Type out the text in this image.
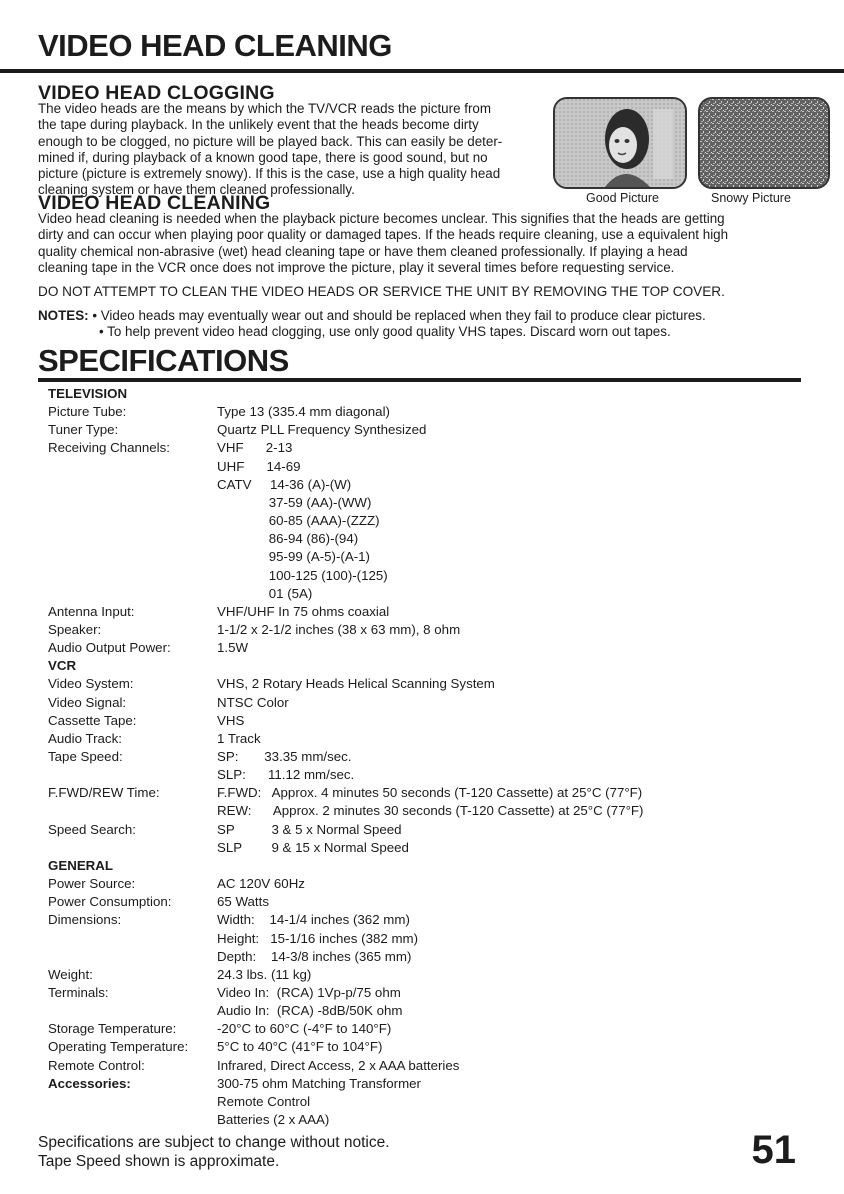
VIDEO HEAD CLEANING
VIDEO HEAD CLOGGING
The video heads are the means by which the TV/VCR reads the picture from
the tape during playback. In the unlikely event that the heads become dirty
enough to be clogged, no picture will be played back. This can easily be deter-
mined if, during playback of a known good tape, there is good sound, but no
picture (picture is extremely snowy). If this is the case, use a high quality head
cleaning system or have them cleaned professionally.
Good Picture	Snowy Picture
VIDEO HEAD CLEANING
Video head cleaning is needed when the playback picture becomes unclear. This signifies that the heads are getting
dirty and can occur when playing poor quality or damaged tapes. If the heads require cleaning, use a equivalent high
quality chemical non-abrasive (wet) head cleaning tape or have them cleaned professionally. If playing a head
cleaning tape in the VCR once does not improve the picture, play it several times before requesting service.
DO NOT ATTEMPT TO CLEAN THE VIDEO HEADS OR SERVICE THE UNIT BY REMOVING THE TOP COVER.
NOTES: • Video heads may eventually wear out and should be replaced when they fail to produce clear pictures.
• To help prevent video head clogging, use only good quality VHS tapes. Discard worn out tapes.
SPECIFICATIONS
TELEVISION
Picture Tube:	Type 13 (335.4 mm diagonal)
Tuner Type:	Quartz PLL Frequency Synthesized
Receiving Channels:	VHF      2-13
UHF      14-69
CATV     14-36 (A)-(W)
37-59 (AA)-(WW)
60-85 (AAA)-(ZZZ)
86-94 (86)-(94)
95-99 (A-5)-(A-1)
100-125 (100)-(125)
01 (5A)
Antenna Input:	VHF/UHF In 75 ohms coaxial
Speaker:	1-1/2 x 2-1/2 inches (38 x 63 mm), 8 ohm
Audio Output Power:	1.5W
VCR
Video System:	VHS, 2 Rotary Heads Helical Scanning System
Video Signal:	NTSC Color
Cassette Tape:	VHS
Audio Track:	1 Track
Tape Speed:	SP:       33.35 mm/sec.
SLP:      11.12 mm/sec.
F.FWD/REW Time:	F.FWD:   Approx. 4 minutes 50 seconds (T-120 Cassette) at 25°C (77°F)
REW:      Approx. 2 minutes 30 seconds (T-120 Cassette) at 25°C (77°F)
Speed Search:	SP          3 & 5 x Normal Speed
SLP        9 & 15 x Normal Speed
GENERAL
Power Source:	AC 120V 60Hz
Power Consumption:	65 Watts
Dimensions:	Width:    14-1/4 inches (362 mm)
Height:   15-1/16 inches (382 mm)
Depth:    14-3/8 inches (365 mm)
Weight:	24.3 lbs. (11 kg)
Terminals:	Video In:  (RCA) 1Vp-p/75 ohm
Audio In:  (RCA) -8dB/50K ohm
Storage Temperature:	-20°C to 60°C (-4°F to 140°F)
Operating Temperature: 5°C to 40°C (41°F to 104°F)
Remote Control:	Infrared, Direct Access, 2 x AAA batteries
Accessories:	300-75 ohm Matching Transformer
Remote Control
Batteries (2 x AAA)
Specifications are subject to change without notice.
Tape Speed shown is approximate.	51
